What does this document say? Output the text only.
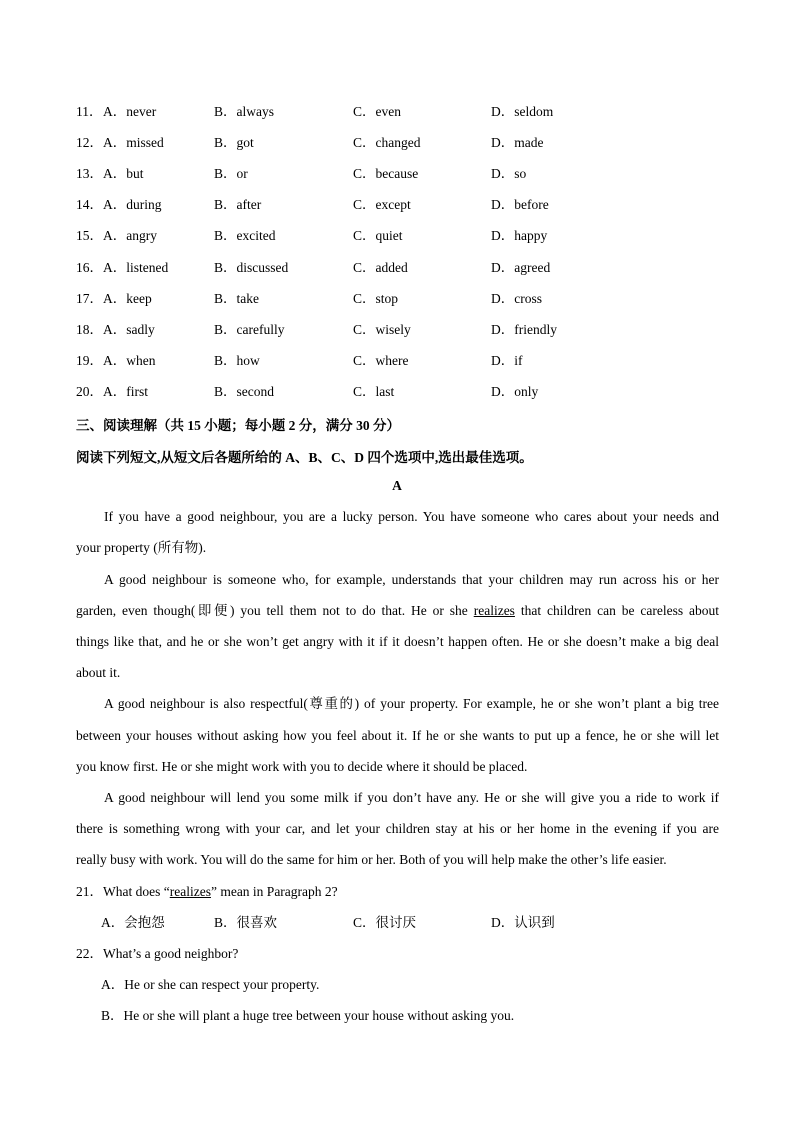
11． A．never	B．always	C．even	D．seldom
12． A．missed	B．got	C．changed	D．made
13． A．but	B．or	C．because	D．so
14． A．during	B．after	C．except	D．before
15． A．angry	B．excited	C．quiet	D．happy
16． A．listened	B．discussed	C．added	D．agreed
17． A．keep	B．take	C．stop	D．cross
18． A．sadly	B．carefully	C．wisely	D．friendly
19． A．when	B．how	C．where	D．if
20． A．first	B．second	C．last	D．only
三、阅读理解（共 15 小题；每小题 2 分，满分 30 分）
阅读下列短文,从短文后各题所给的 A、B、C、D 四个选项中,选出最佳选项。
A
If you have a good neighbour, you are a lucky person. You have someone who cares about your needs and
your property (所有物).
A good neighbour is someone who, for example, understands that your children may run across his or her
garden, even though(即便) you tell them not to do that. He or she realizes that children can be careless about
things like that, and he or she won’t get angry with it if it doesn’t happen often. He or she doesn’t make a big deal
about it.
A good neighbour is also respectful(尊重的) of your property. For example, he or she won’t plant a big tree
between your houses without asking how you feel about it. If he or she wants to put up a fence, he or she will let
you know first. He or she might work with you to decide where it should be placed.
A good neighbour will lend you some milk if you don’t have any. He or she will give you a ride to work if
there is something wrong with your car, and let your children stay at his or her home in the evening if you are
really busy with work. You will do the same for him or her. Both of you will help make the other’s life easier.
21．What does “realizes” mean in Paragraph 2?
A．会抱怨	B．很喜欢	C．很讨厌	D．认识到
22．What’s a good neighbor?
A．He or she can respect your property.
B．He or she will plant a huge tree between your house without asking you.
